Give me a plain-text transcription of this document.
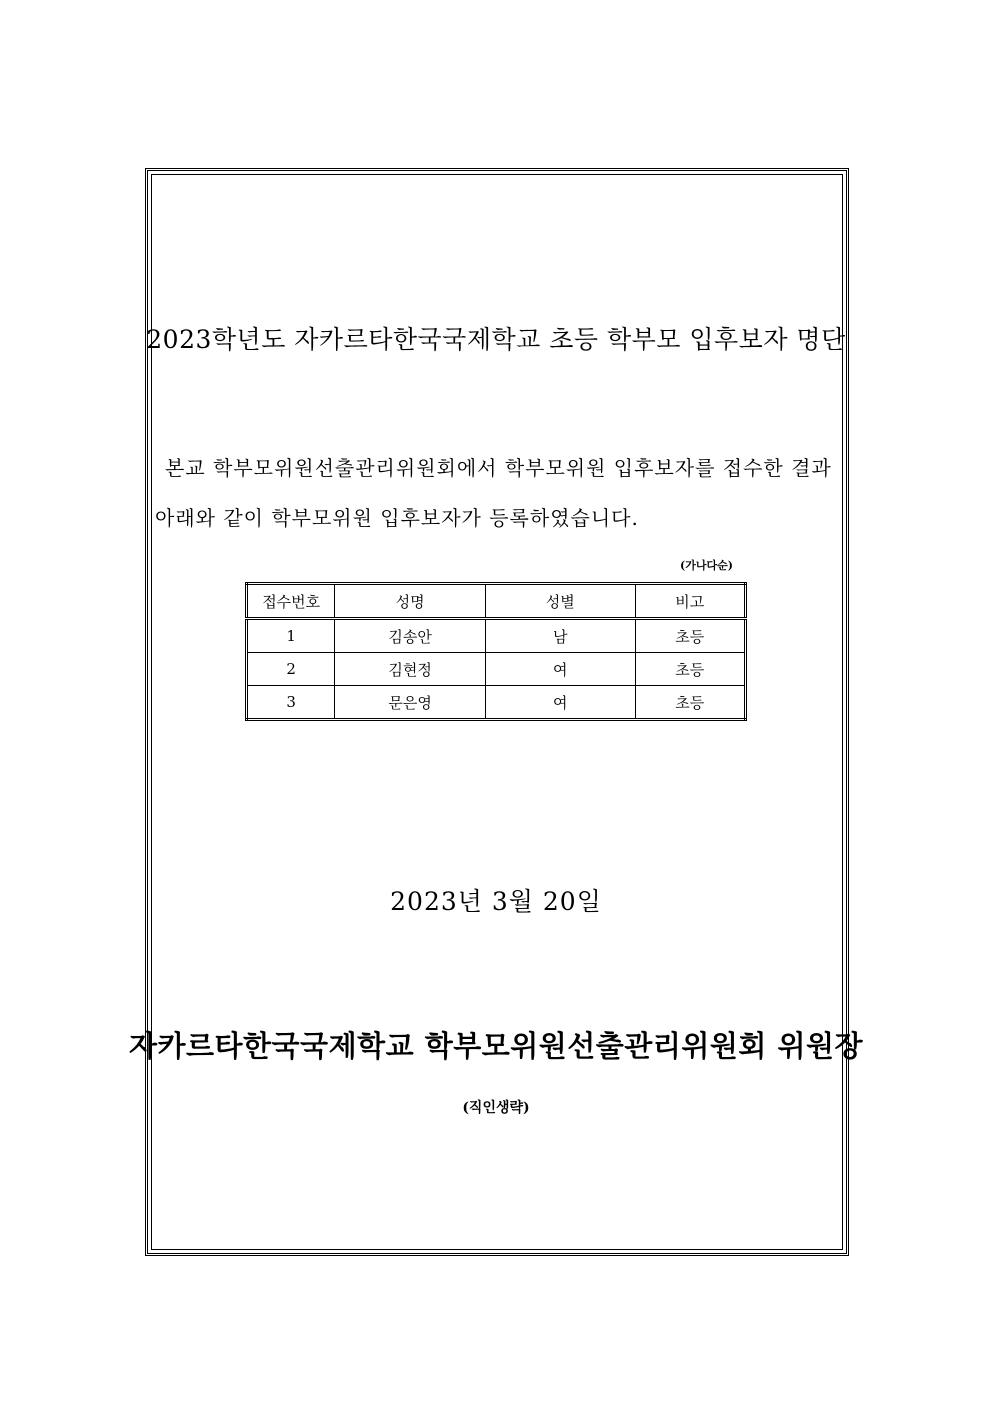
2023학년도 자카르타한국국제학교 초등 학부모 입후보자 명단
본교 학부모위원선출관리위원회에서 학부모위원 입후보자를 접수한 결과
아래와 같이 학부모위원 입후보자가 등록하였습니다.
(가나다순)
접수번호	성명	성별	비고
1	김송안	남	초등
2	김현정	여	초등
3	문은영	여	초등
2023년 3월 20일
자카르타한국국제학교 학부모위원선출관리위원회 위원장
(직인생략)
